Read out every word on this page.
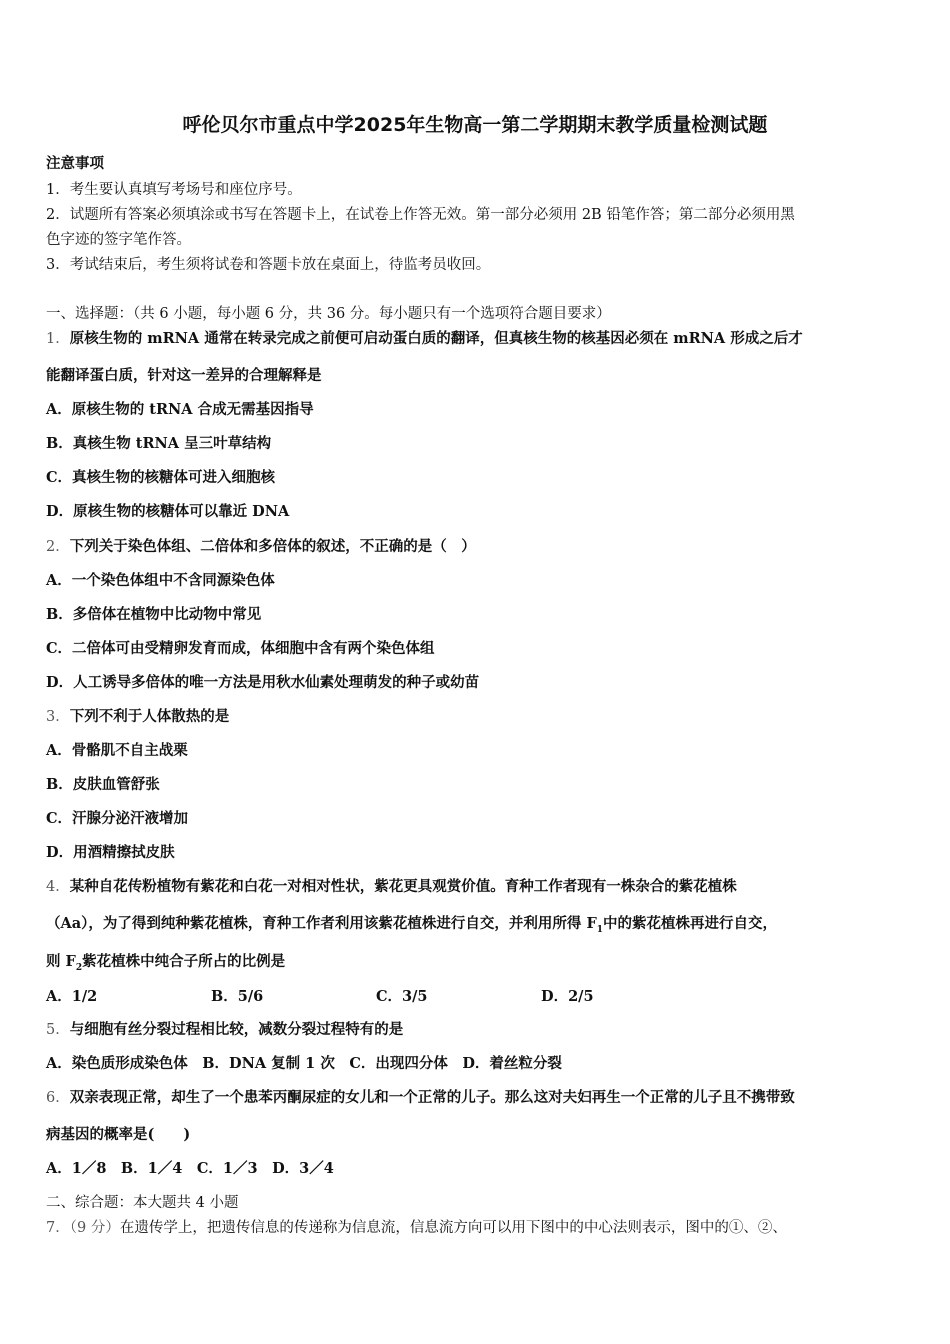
呼伦贝尔市重点中学2025年生物高一第二学期期末教学质量检测试题
注意事项
1．考生要认真填写考场号和座位序号。
2．试题所有答案必须填涂或书写在答题卡上，在试卷上作答无效。第一部分必须用 2B 铅笔作答；第二部分必须用黑
色字迹的签字笔作答。
3．考试结束后，考生须将试卷和答题卡放在桌面上，待监考员收回。
一、选择题：（共 6 小题，每小题 6 分，共 36 分。每小题只有一个选项符合题目要求）
1．原核生物的 mRNA 通常在转录完成之前便可启动蛋白质的翻译，但真核生物的核基因必须在 mRNA 形成之后才
能翻译蛋白质，针对这一差异的合理解释是
A．原核生物的 tRNA 合成无需基因指导
B．真核生物 tRNA 呈三叶草结构
C．真核生物的核糖体可进入细胞核
D．原核生物的核糖体可以靠近 DNA
2．下列关于染色体组、二倍体和多倍体的叙述，不正确的是（　）
A．一个染色体组中不含同源染色体
B．多倍体在植物中比动物中常见
C．二倍体可由受精卵发育而成，体细胞中含有两个染色体组
D．人工诱导多倍体的唯一方法是用秋水仙素处理萌发的种子或幼苗
3．下列不利于人体散热的是
A．骨骼肌不自主战栗
B．皮肤血管舒张
C．汗腺分泌汗液增加
D．用酒精擦拭皮肤
4．某种自花传粉植物有紫花和白花一对相对性状，紫花更具观赏价值。育种工作者现有一株杂合的紫花植株
（Aa），为了得到纯种紫花植株，育种工作者利用该紫花植株进行自交，并利用所得 $F_1$中的紫花植株再进行自交，
则 $F_2$紫花植株中纯合子所占的比例是
A．1/2	B．5/6	C．3/5	D．2/5
5．与细胞有丝分裂过程相比较，减数分裂过程特有的是
A．染色质形成染色体　B．DNA 复制 1 次　C．出现四分体　D．着丝粒分裂
6．双亲表现正常，却生了一个患苯丙酮尿症的女儿和一个正常的儿子。那么这对夫妇再生一个正常的儿子且不携带致
病基因的概率是(　　)
A．1／8　B．1／4　C．1／3　D．3／4
二、综合题：本大题共 4 小题
7．（9 分）在遗传学上，把遗传信息的传递称为信息流，信息流方向可以用下图中的中心法则表示，图中的①、②、
